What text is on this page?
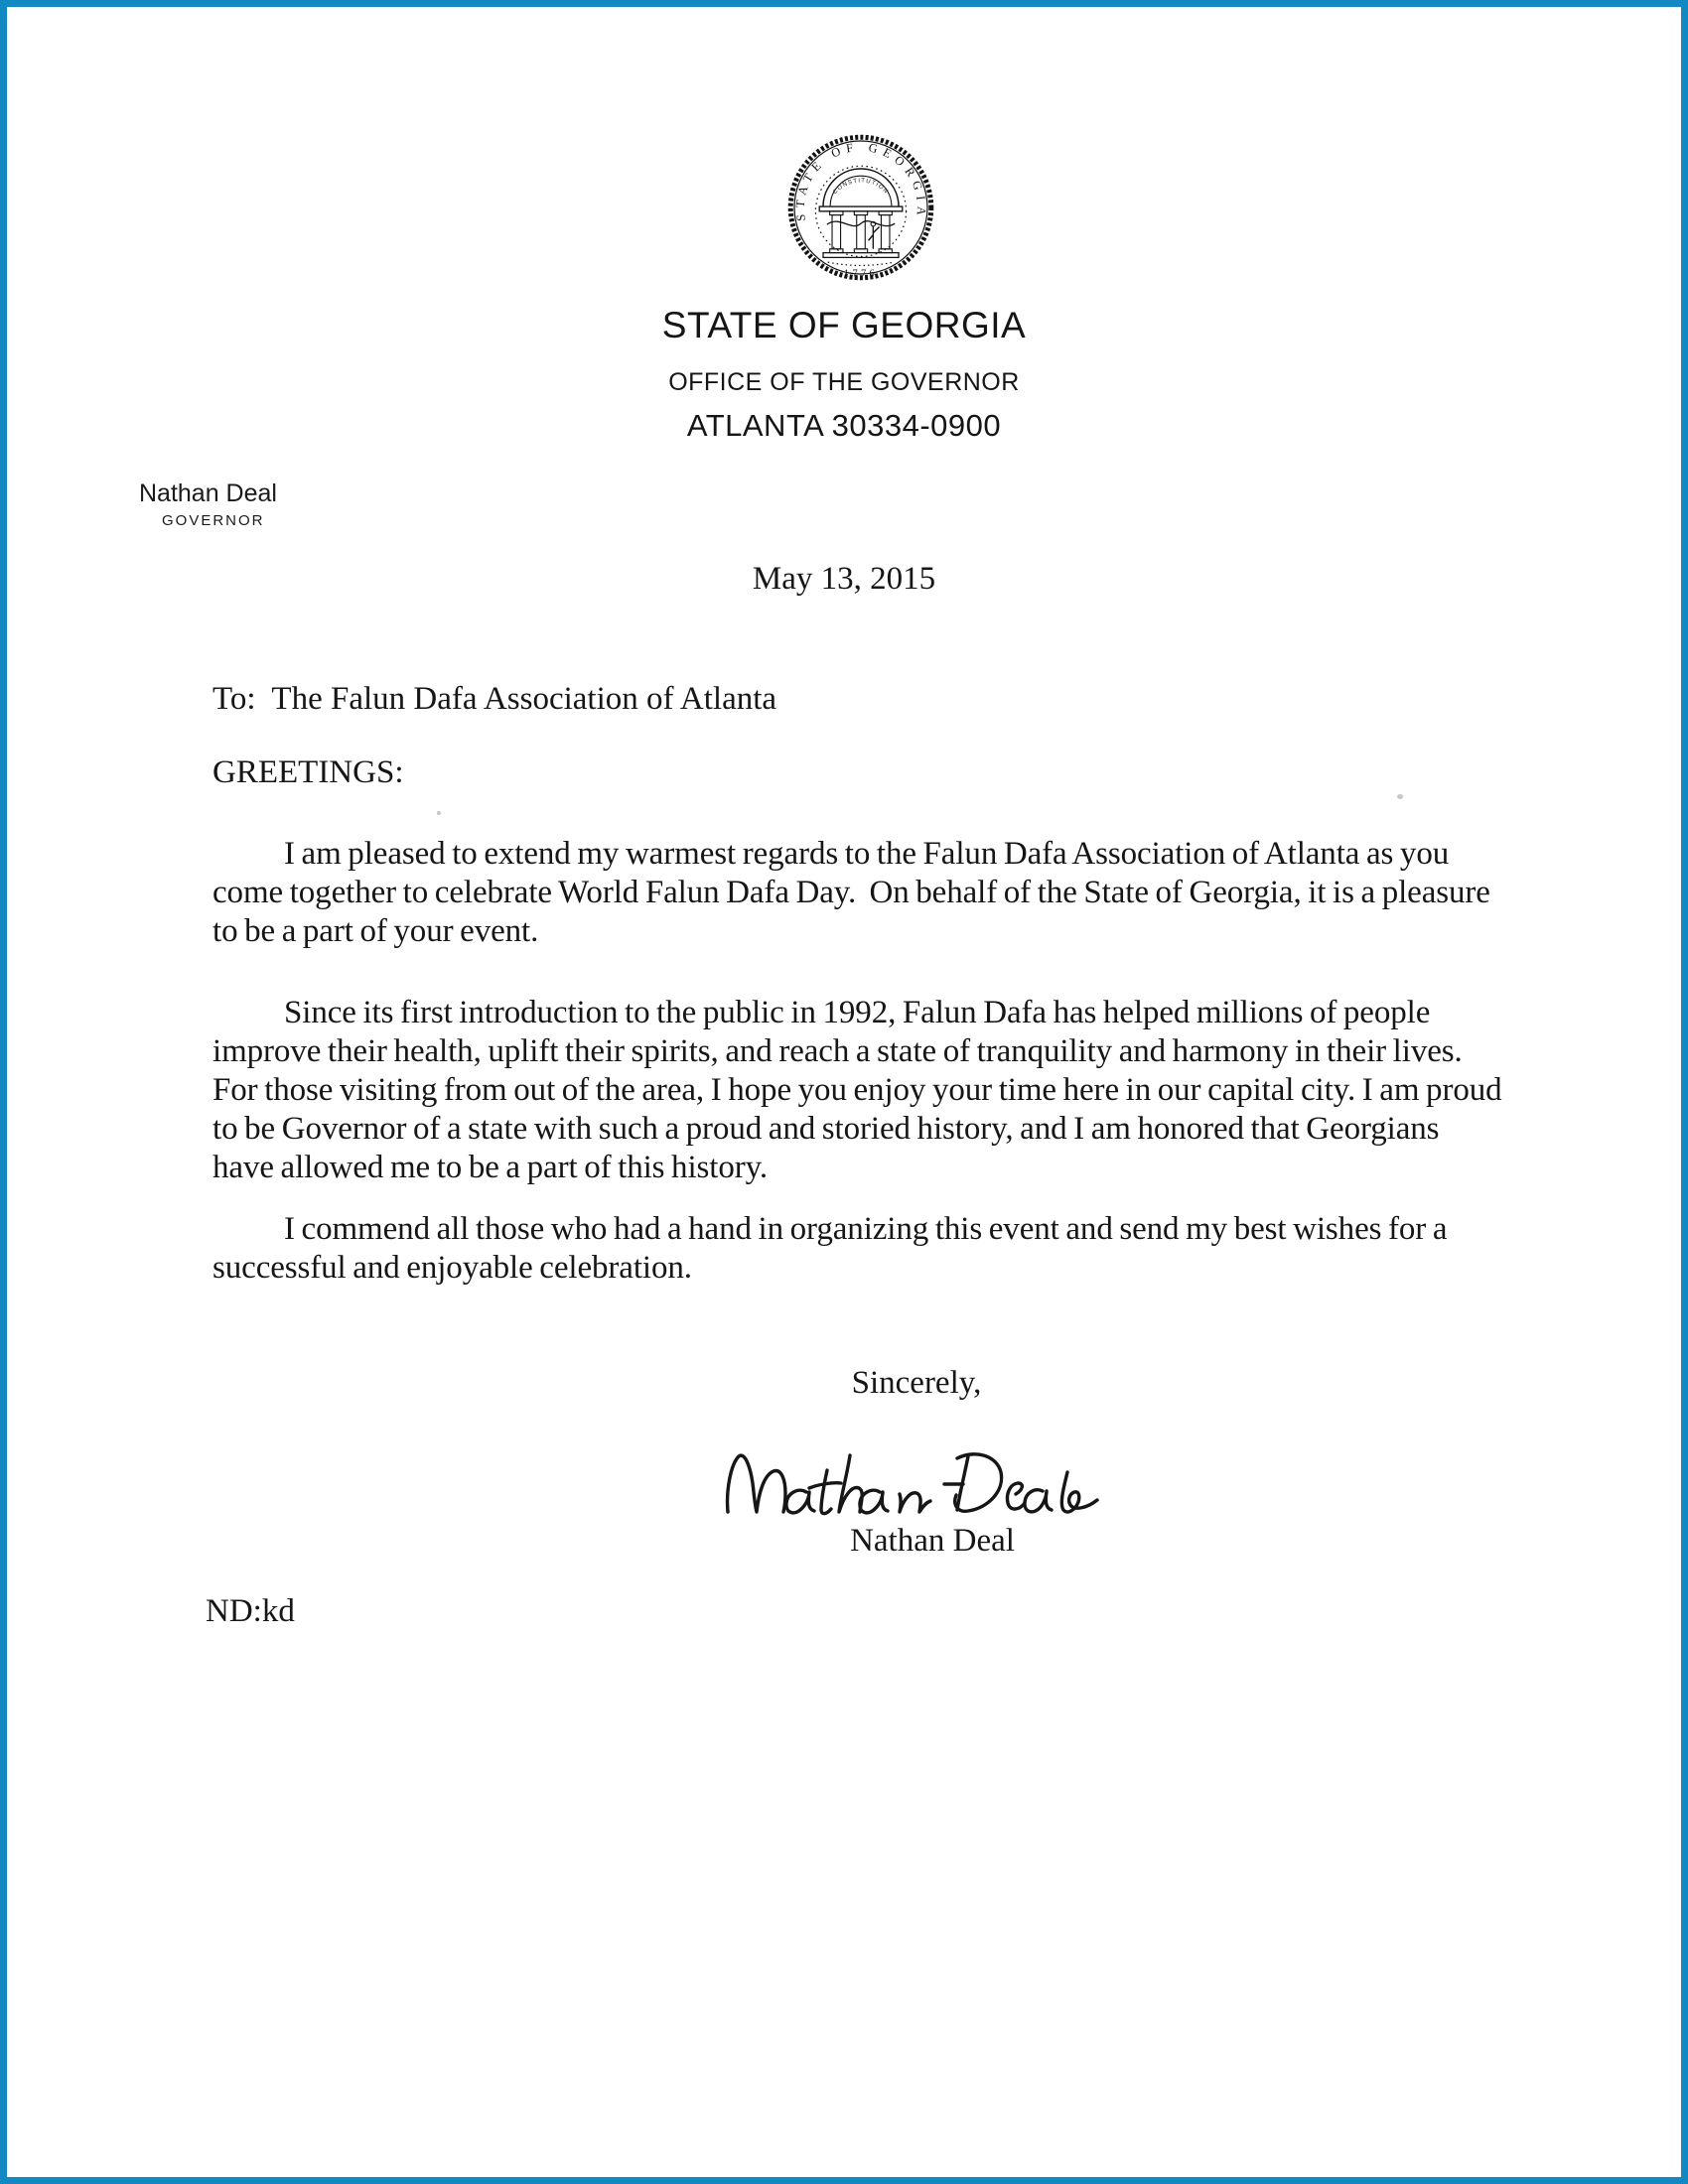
STATE OF GEORGIA
CONSTITUTION
1776
STATE OF GEORGIA
OFFICE OF THE GOVERNOR
ATLANTA 30334-0900
Nathan Deal
GOVERNOR
May 13, 2015
To:  The Falun Dafa Association of Atlanta
GREETINGS:

I am pleased to extend my warmest regards to the Falun Dafa Association of Atlanta as you come together to celebrate World Falun Dafa Day.  On behalf of the State of Georgia, it is a pleasure to be a part of your event.

Since its first introduction to the public in 1992, Falun Dafa has helped millions of people improve their health, uplift their spirits, and reach a state of tranquility and harmony in their lives. For those visiting from out of the area, I hope you enjoy your time here in our capital city. I am proud to be Governor of a state with such a proud and storied history, and I am honored that Georgians have allowed me to be a part of this history.

I commend all those who had a hand in organizing this event and send my best wishes for a successful and enjoyable celebration.

Sincerely,
Nathan Deal
ND:kd
